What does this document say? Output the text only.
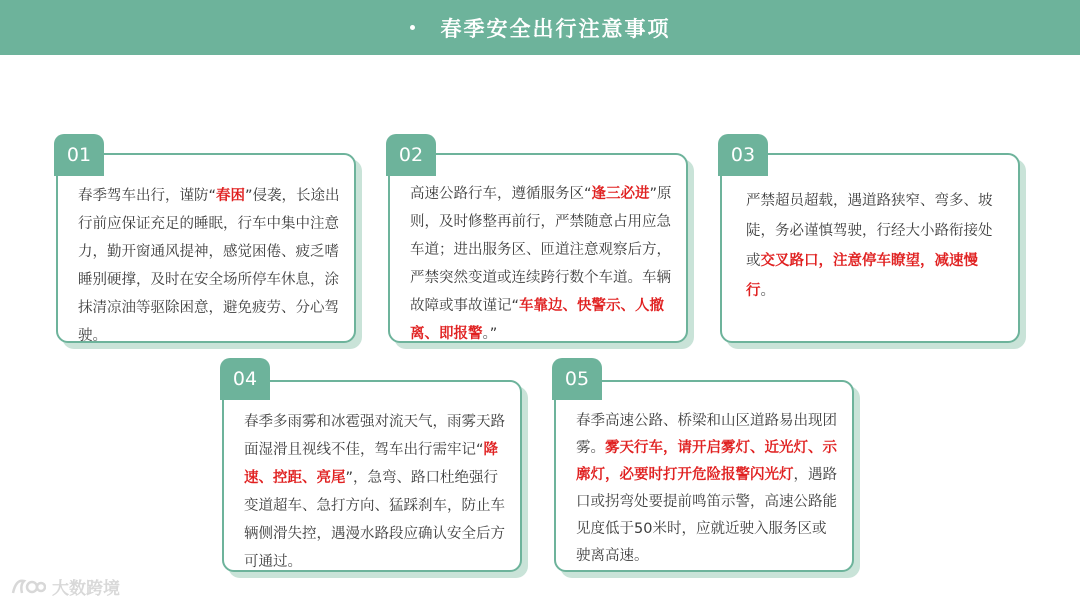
春季安全出行注意事项
01
春季驾车出行，谨防“春困”侵袭，长途出行前应保证充足的睡眠，行车中集中注意力，勤开窗通风提神，感觉困倦、疲乏嗜睡别硬撑，及时在安全场所停车休息，涂抹清凉油等驱除困意，避免疲劳、分心驾驶。
02
高速公路行车，遵循服务区“逢三必进”原则，及时修整再前行，严禁随意占用应急车道；进出服务区、匝道注意观察后方，严禁突然变道或连续跨行数个车道。车辆故障或事故谨记“车靠边、快警示、人撤离、即报警。”
03
严禁超员超载，遇道路狭窄、弯多、坡陡，务必谨慎驾驶，行经大小路衔接处或交叉路口，注意停车瞭望，减速慢行。
04
春季多雨雾和冰雹强对流天气，雨雾天路面湿滑且视线不佳，驾车出行需牢记“降速、控距、亮尾”，急弯、路口杜绝强行变道超车、急打方向、猛踩刹车，防止车辆侧滑失控，遇漫水路段应确认安全后方可通过。
05
春季高速公路、桥梁和山区道路易出现团雾。雾天行车，请开启雾灯、近光灯、示廓灯，必要时打开危险报警闪光灯，遇路口或拐弯处要提前鸣笛示警，高速公路能见度低于50米时，应就近驶入服务区或驶离高速。
大数跨境
